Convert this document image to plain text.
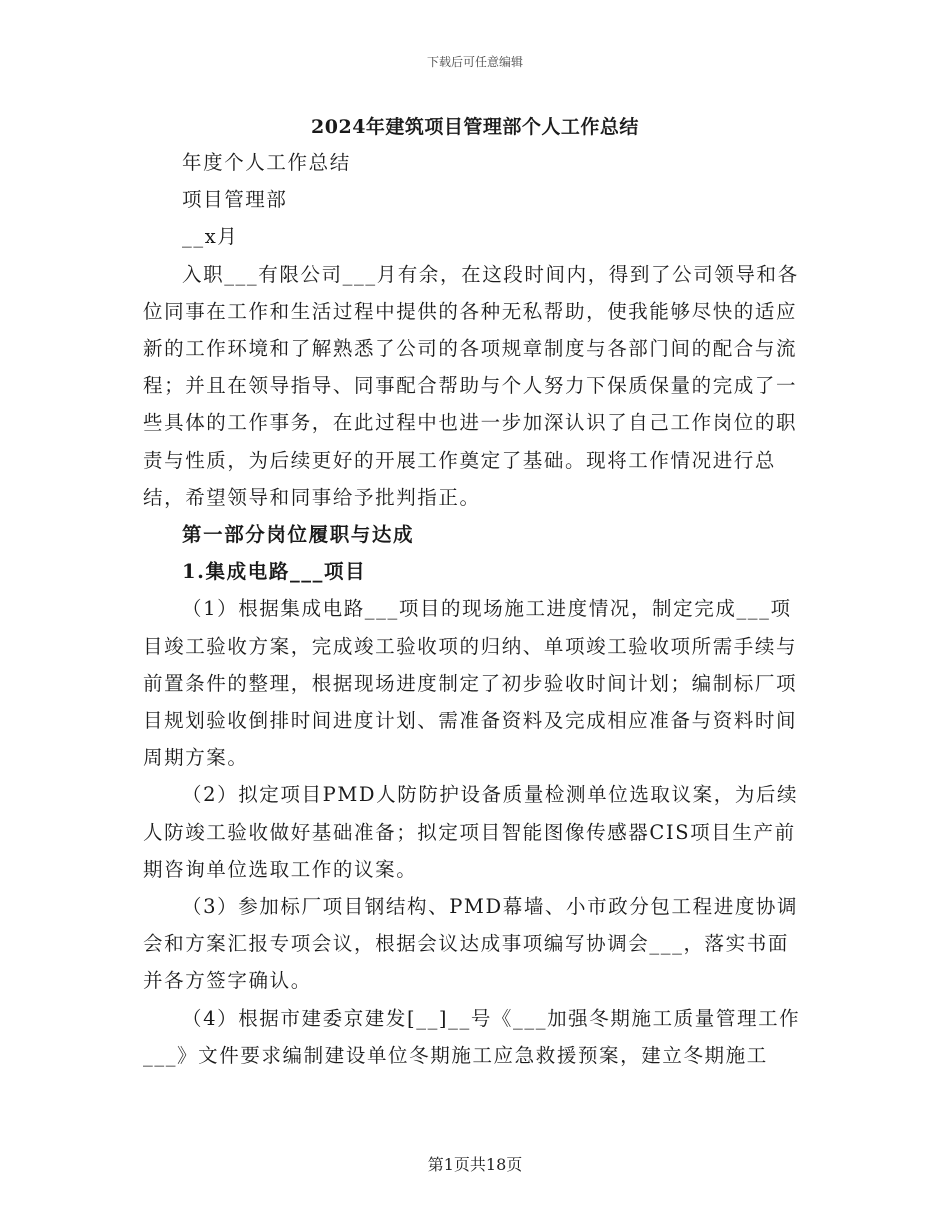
下载后可任意编辑
2024年建筑项目管理部个人工作总结

年度个人工作总结

项目管理部

__x月

入职___有限公司___月有余，在这段时间内，得到了公司领导和各位同事在工作和生活过程中提供的各种无私帮助，使我能够尽快的适应新的工作环境和了解熟悉了公司的各项规章制度与各部门间的配合与流程；并且在领导指导、同事配合帮助与个人努力下保质保量的完成了一些具体的工作事务，在此过程中也进一步加深认识了自己工作岗位的职责与性质，为后续更好的开展工作奠定了基础。现将工作情况进行总结，希望领导和同事给予批判指正。

第一部分岗位履职与达成

1.集成电路___项目

（1）根据集成电路___项目的现场施工进度情况，制定完成___项目竣工验收方案，完成竣工验收项的归纳、单项竣工验收项所需手续与前置条件的整理，根据现场进度制定了初步验收时间计划；编制标厂项目规划验收倒排时间进度计划、需准备资料及完成相应准备与资料时间周期方案。

（2）拟定项目PMD人防防护设备质量检测单位选取议案，为后续人防竣工验收做好基础准备；拟定项目智能图像传感器CIS项目生产前期咨询单位选取工作的议案。

（3）参加标厂项目钢结构、PMD幕墙、小市政分包工程进度协调会和方案汇报专项会议，根据会议达成事项编写协调会___，落实书面并各方签字确认。

（4）根据市建委京建发[__]__号《___加强冬期施工质量管理工作___》文件要求编制建设单位冬期施工应急救援预案，建立冬期施工

第1页共18页
